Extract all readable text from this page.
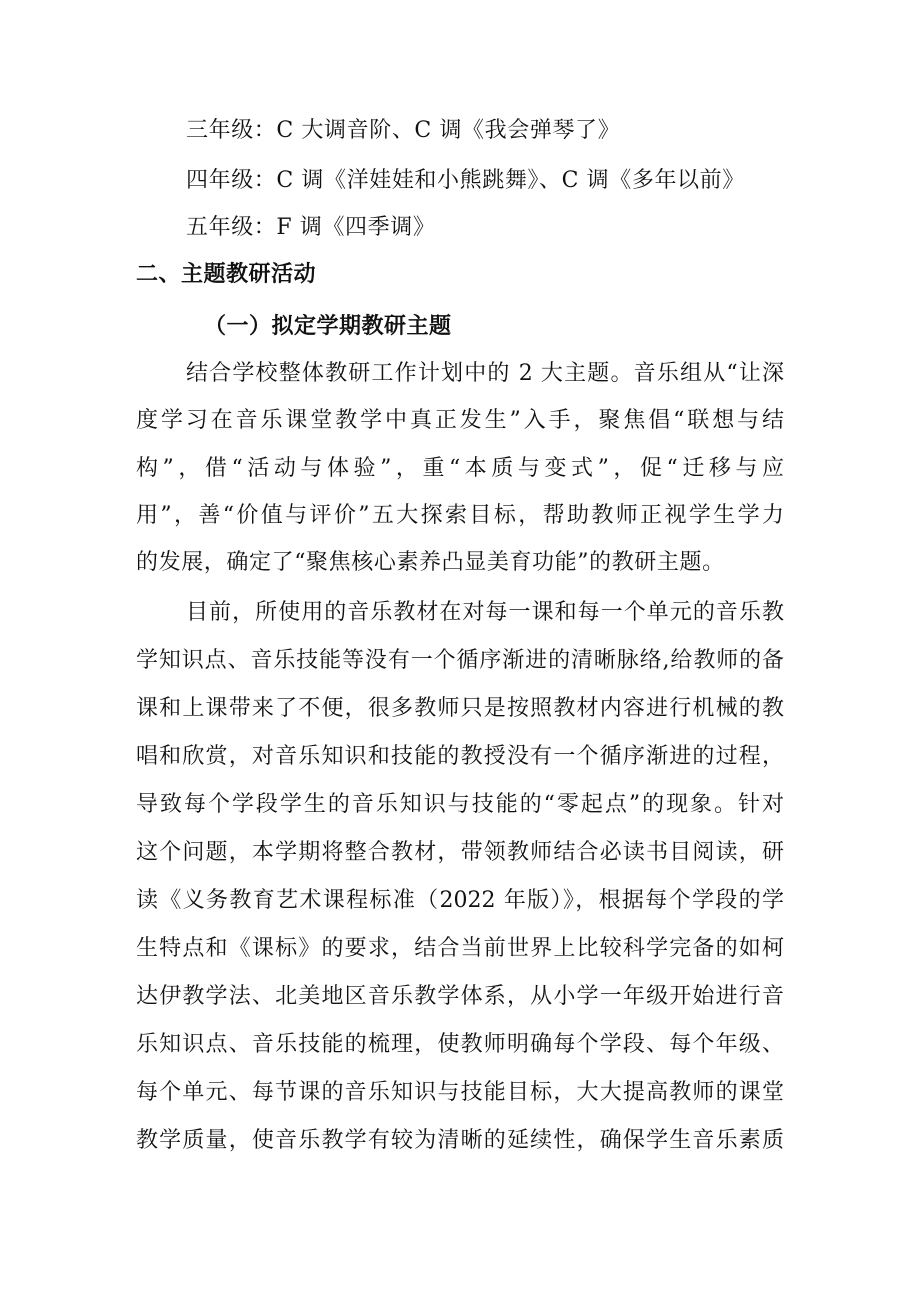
三年级：C 大调音阶、C 调《我会弹琴了》
四年级：C 调《洋娃娃和小熊跳舞》、C 调《多年以前》
五年级：F 调《四季调》
二、主题教研活动
（一）拟定学期教研主题
结合学校整体教研工作计划中的 2 大主题。音乐组从“让深
度学习在音乐课堂教学中真正发生”入手，聚焦倡“联想与结
构”，借“活动与体验”，重“本质与变式”，促“迁移与应
用”，善“价值与评价”五大探索目标，帮助教师正视学生学力
的发展，确定了“聚焦核心素养凸显美育功能”的教研主题。
目前，所使用的音乐教材在对每一课和每一个单元的音乐教
学知识点、音乐技能等没有一个循序渐进的清晰脉络,给教师的备
课和上课带来了不便，很多教师只是按照教材内容进行机械的教
唱和欣赏，对音乐知识和技能的教授没有一个循序渐进的过程，
导致每个学段学生的音乐知识与技能的“零起点”的现象。针对
这个问题，本学期将整合教材，带领教师结合必读书目阅读，研
读《义务教育艺术课程标准（2022 年版）》，根据每个学段的学
生特点和《课标》的要求，结合当前世界上比较科学完备的如柯
达伊教学法、北美地区音乐教学体系，从小学一年级开始进行音
乐知识点、音乐技能的梳理，使教师明确每个学段、每个年级、
每个单元、每节课的音乐知识与技能目标，大大提高教师的课堂
教学质量，使音乐教学有较为清晰的延续性，确保学生音乐素质
